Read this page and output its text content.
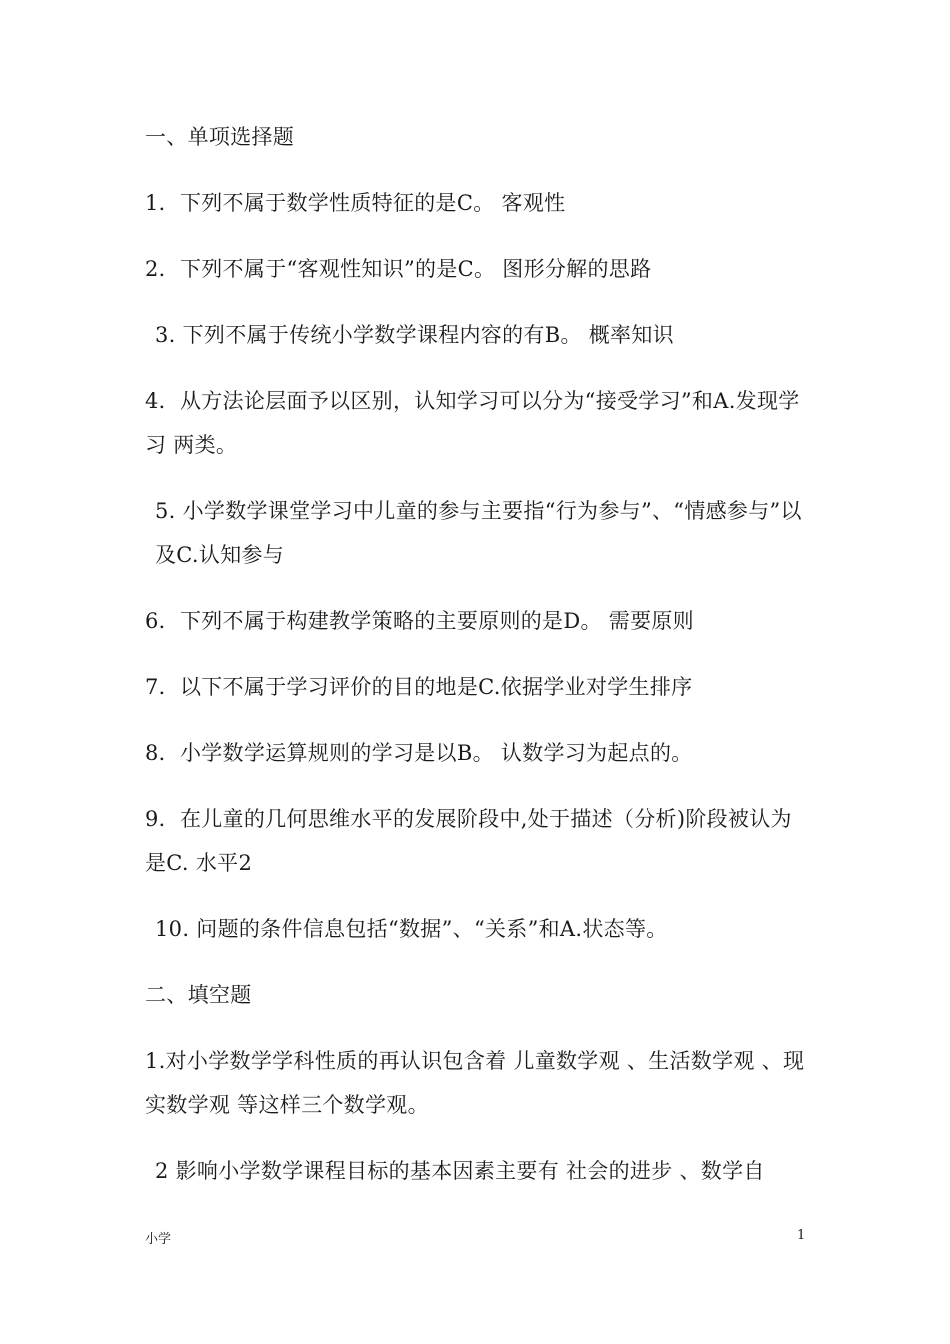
一、单项选择题

1．下列不属于数学性质特征的是C。 客观性

2．下列不属于“客观性知识”的是C。 图形分解的思路

3. 下列不属于传统小学数学课程内容的有B。 概率知识

4．从方法论层面予以区别，认知学习可以分为“接受学习”和A.发现学习 两类。

5. 小学数学课堂学习中儿童的参与主要指“行为参与”、“情感参与”以及C.认知参与

6．下列不属于构建教学策略的主要原则的是D。 需要原则

7．以下不属于学习评价的目的地是C.依据学业对学生排序

8．小学数学运算规则的学习是以B。 认数学习为起点的。

9．在儿童的几何思维水平的发展阶段中,处于描述（分析)阶段被认为是C. 水平2

10. 问题的条件信息包括“数据”、“关系”和A.状态等。

二、填空题

1.对小学数学学科性质的再认识包含着 儿童数学观 、生活数学观 、现实数学观 等这样三个数学观。

2 影响小学数学课程目标的基本因素主要有 社会的进步 、数学自

小学	1
